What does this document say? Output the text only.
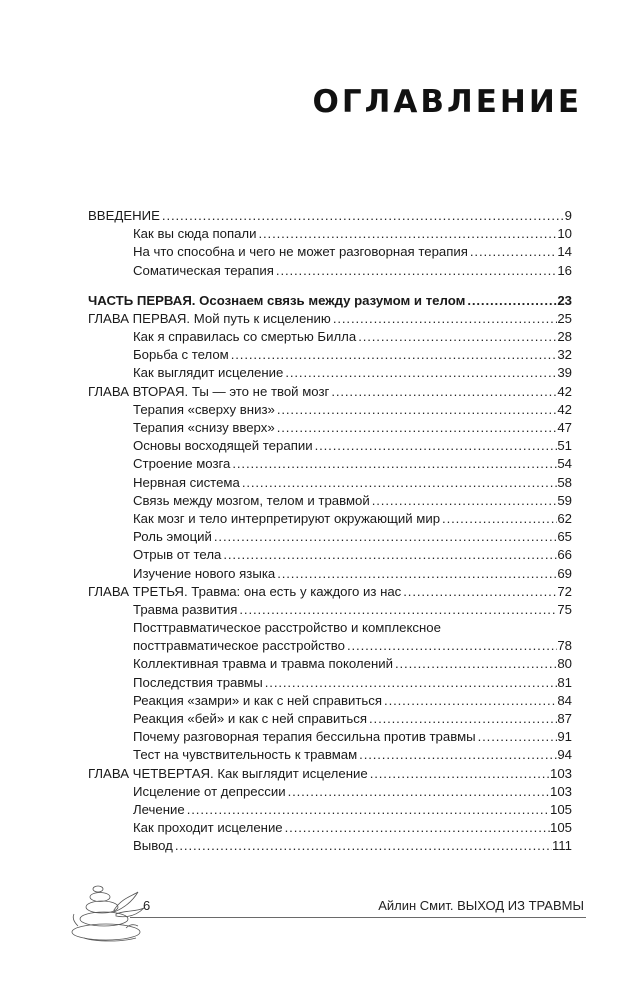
ОГЛАВЛЕНИЕ
ВВЕДЕНИЕ . . .	9
Как вы сюда попали . . .	10
На что способна и чего не может разговорная терапия . . .	14
Соматическая терапия . . .	16
ЧАСТЬ ПЕРВАЯ. Осознаем связь между разумом и телом . . .	23
ГЛАВА ПЕРВАЯ. Мой путь к исцелению . . .	25
Как я справилась со смертью Билла . . .	28
Борьба с телом . . .	32
Как выглядит исцеление . . .	39
ГЛАВА ВТОРАЯ. Ты — это не твой мозг . . .	42
Терапия «сверху вниз» . . .	42
Терапия «снизу вверх» . . .	47
Основы восходящей терапии . . .	51
Строение мозга . . .	54
Нервная система . . .	58
Связь между мозгом, телом и травмой . . .	59
Как мозг и тело интерпретируют окружающий мир . . .	62
Роль эмоций . . .	65
Отрыв от тела . . .	66
Изучение нового языка . . .	69
ГЛАВА ТРЕТЬЯ. Травма: она есть у каждого из нас . . .	72
Травма развития . . .	75
Посттравматическое расстройство и комплексное
посттравматическое расстройство . . .	78
Коллективная травма и травма поколений . . .	80
Последствия травмы . . .	81
Реакция «замри» и как с ней справиться . . .	84
Реакция «бей» и как с ней справиться . . .	87
Почему разговорная терапия бессильна против травмы . . .	91
Тест на чувствительность к травмам . . .	94
ГЛАВА ЧЕТВЕРТАЯ. Как выглядит исцеление . . .	103
Исцеление от депрессии . . .	103
Лечение . . .	105
Как проходит исцеление . . .	105
Вывод . . .	111
6	Айлин Смит. ВЫХОД ИЗ ТРАВМЫ
